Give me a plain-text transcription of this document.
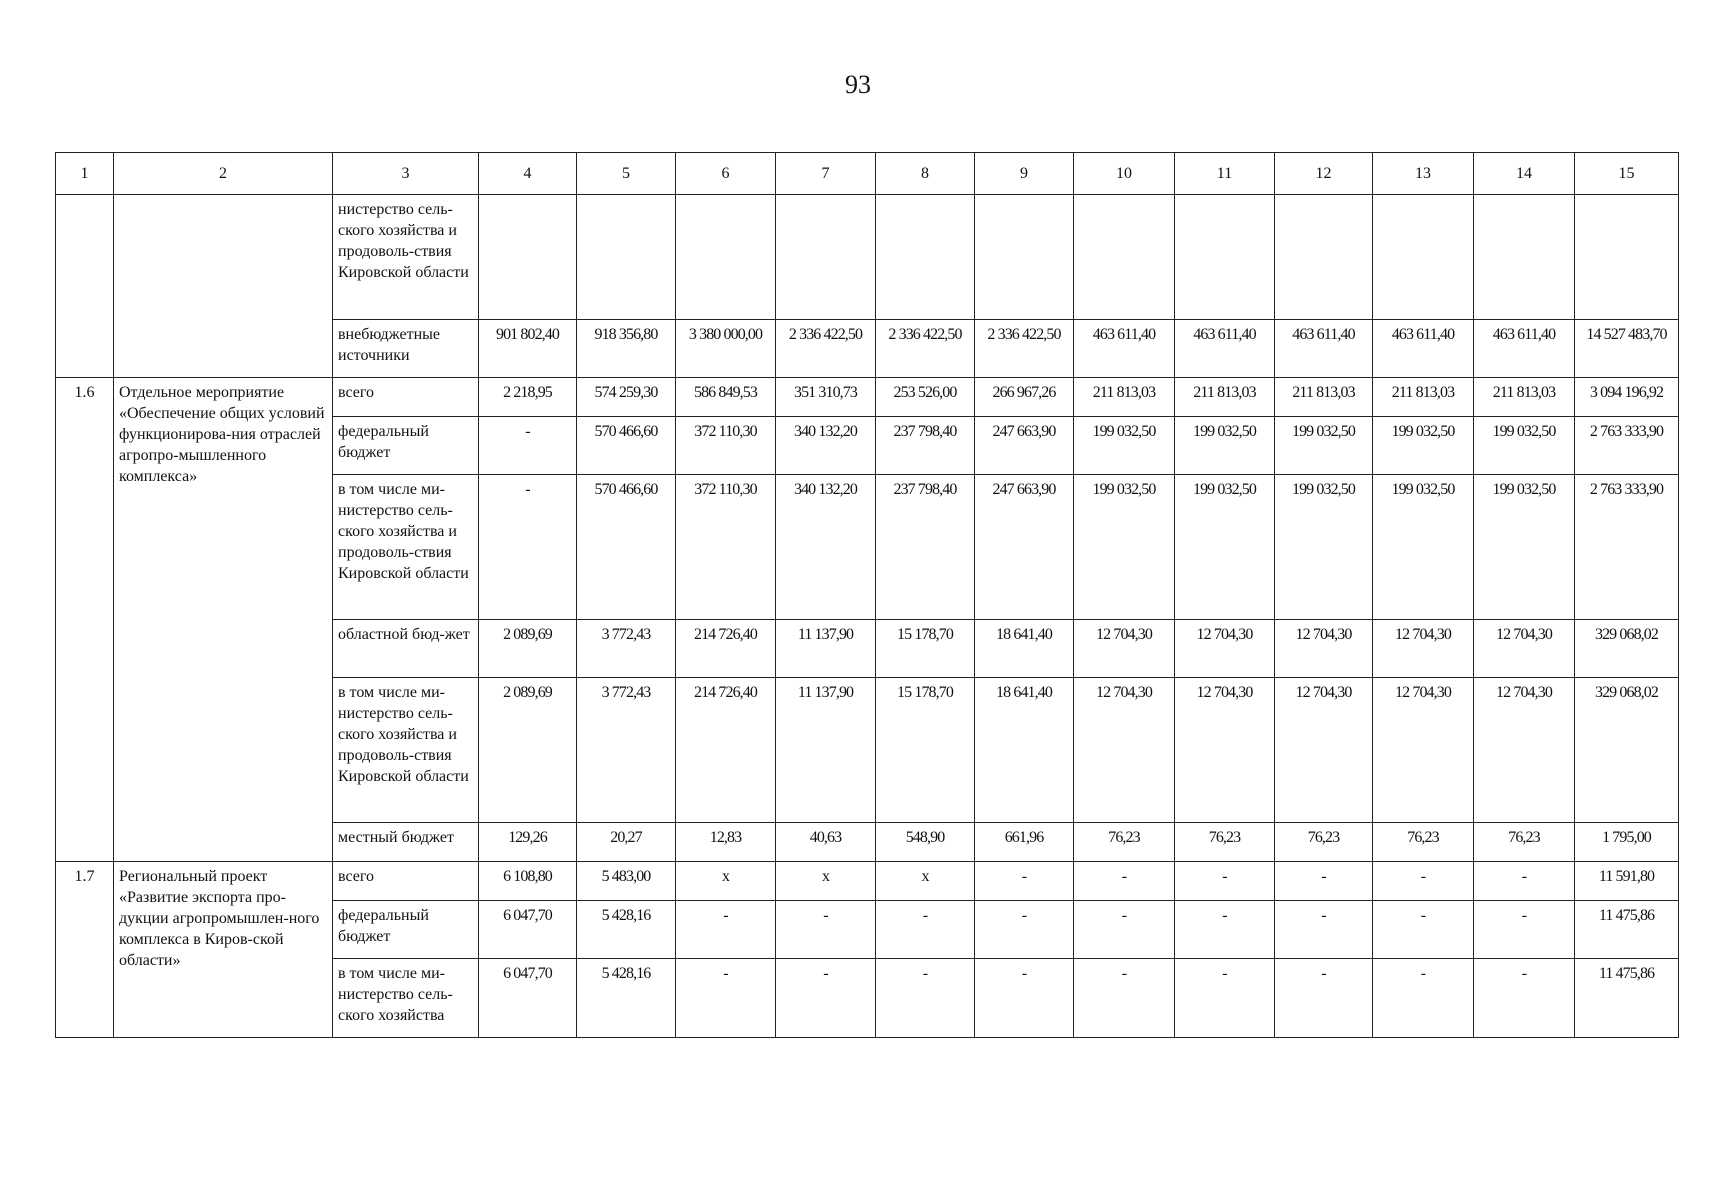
93
1	2	3	4	5	6	7	8	9	10	11	12	13	14	15
		нистерство сель-ского хозяйства и продоволь-ствия Кировской области												
		внебюджетные источники	901 802,40	918 356,80	3 380 000,00	2 336 422,50	2 336 422,50	2 336 422,50	463 611,40	463 611,40	463 611,40	463 611,40	463 611,40	14 527 483,70
1.6	Отдельное мероприятие «Обеспечение общих условий функционирова-ния отраслей агропро-мышленного комплекса»	всего	2 218,95	574 259,30	586 849,53	351 310,73	253 526,00	266 967,26	211 813,03	211 813,03	211 813,03	211 813,03	211 813,03	3 094 196,92
		федеральный бюджет	-	570 466,60	372 110,30	340 132,20	237 798,40	247 663,90	199 032,50	199 032,50	199 032,50	199 032,50	199 032,50	2 763 333,90
		в том числе ми-нистерство сель-ского хозяйства и продоволь-ствия Кировской области	-	570 466,60	372 110,30	340 132,20	237 798,40	247 663,90	199 032,50	199 032,50	199 032,50	199 032,50	199 032,50	2 763 333,90
		областной бюд-жет	2 089,69	3 772,43	214 726,40	11 137,90	15 178,70	18 641,40	12 704,30	12 704,30	12 704,30	12 704,30	12 704,30	329 068,02
		в том числе ми-нистерство сель-ского хозяйства и продоволь-ствия Кировской области	2 089,69	3 772,43	214 726,40	11 137,90	15 178,70	18 641,40	12 704,30	12 704,30	12 704,30	12 704,30	12 704,30	329 068,02
		местный бюджет	129,26	20,27	12,83	40,63	548,90	661,96	76,23	76,23	76,23	76,23	76,23	1 795,00
1.7	Региональный проект «Развитие экспорта про-дукции агропромышлен-ного комплекса в Киров-ской области»	всего	6 108,80	5 483,00	х	х	х	-	-	-	-	-	-	11 591,80
		федеральный бюджет	6 047,70	5 428,16	-	-	-	-	-	-	-	-	-	11 475,86
		в том числе ми-нистерство сель-ского хозяйства	6 047,70	5 428,16	-	-	-	-	-	-	-	-	-	11 475,86
